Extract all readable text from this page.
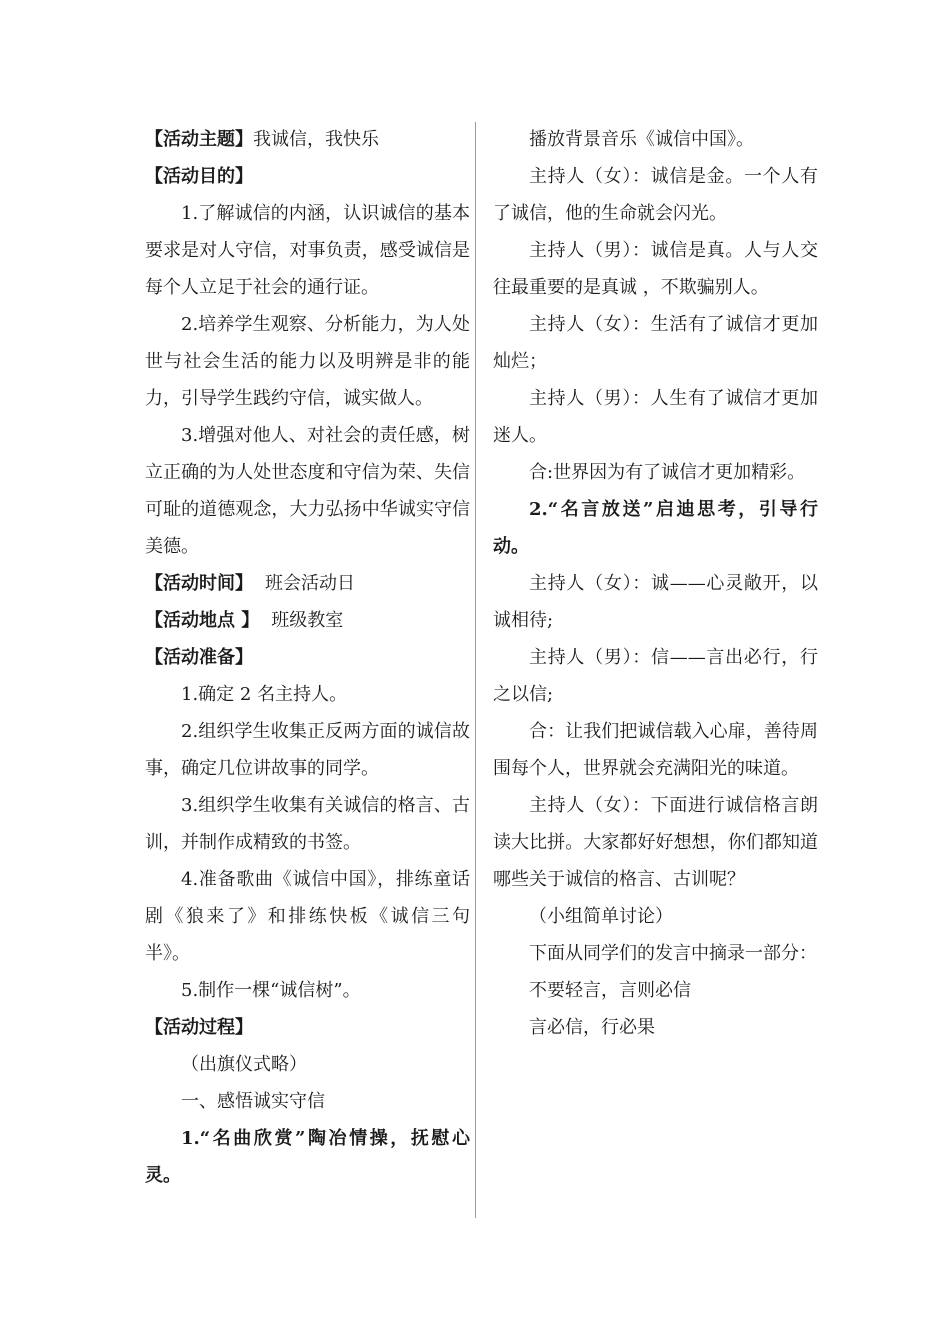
【活动主题】我诚信，我快乐

【活动目的】

1.了解诚信的内涵，认识诚信的基本要求是对人守信，对事负责，感受诚信是每个人立足于社会的通行证。

2.培养学生观察、分析能力，为人处世与社会生活的能力以及明辨是非的能力，引导学生践约守信，诚实做人。

3.增强对他人、对社会的责任感，树立正确的为人处世态度和守信为荣、失信可耻的道德观念，大力弘扬中华诚实守信美德。

【活动时间】 班会活动日

【活动地点 】 班级教室

【活动准备】

1.确定 2 名主持人。

2.组织学生收集正反两方面的诚信故事，确定几位讲故事的同学。

3.组织学生收集有关诚信的格言、古训，并制作成精致的书签。

4.准备歌曲《诚信中国》，排练童话剧《狼来了》和排练快板《诚信三句半》。

5.制作一棵“诚信树”。

【活动过程】

（出旗仪式略）

一、感悟诚实守信

1.“名曲欣赏”陶冶情操，抚慰心灵。

播放背景音乐《诚信中国》。

主持人（女）：诚信是金。一个人有了诚信，他的生命就会闪光。

主持人（男）：诚信是真。人与人交往最重要的是真诚 ，不欺骗别人。

主持人（女）：生活有了诚信才更加灿烂；

主持人（男）：人生有了诚信才更加迷人。

合:世界因为有了诚信才更加精彩。

2.“名言放送”启迪思考，引导行动。

主持人（女）：诚——心灵敞开，以诚相待;

主持人（男）：信——言出必行，行之以信;

合：让我们把诚信载入心扉，善待周围每个人，世界就会充满阳光的味道。

主持人（女）：下面进行诚信格言朗读大比拼。大家都好好想想，你们都知道哪些关于诚信的格言、古训呢？

（小组简单讨论）

下面从同学们的发言中摘录一部分：

不要轻言，言则必信

言必信，行必果
